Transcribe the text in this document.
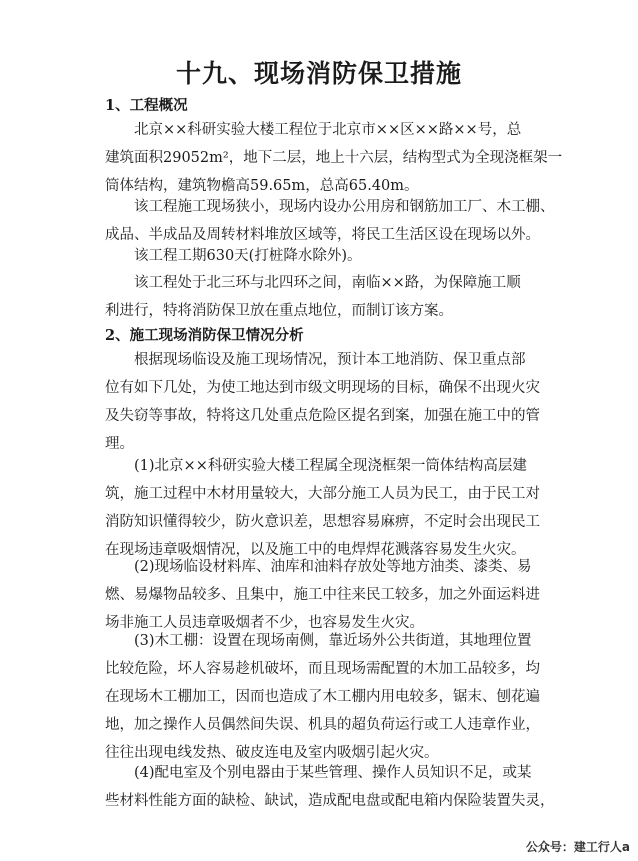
十九、现场消防保卫措施
1、工程概况
　　北京××科研实验大楼工程位于北京市××区××路××号，总
建筑面积29052m²，地下二层，地上十六层，结构型式为全现浇框架一
筒体结构，建筑物檐高59.65m，总高65.40m。
　　该工程施工现场狭小，现场内设办公用房和钢筋加工厂、木工棚、
成品、半成品及周转材料堆放区域等，将民工生活区设在现场以外。
　　该工程工期630天(打桩降水除外)。
　　该工程处于北三环与北四环之间，南临××路，为保障施工顺
利进行，特将消防保卫放在重点地位，而制订该方案。
2、施工现场消防保卫情况分析
　　根据现场临设及施工现场情况，预计本工地消防、保卫重点部
位有如下几处，为使工地达到市级文明现场的目标，确保不出现火灾
及失窃等事故，特将这几处重点危险区提名到案，加强在施工中的管
理。
　　(1)北京××科研实验大楼工程属全现浇框架一筒体结构高层建
筑，施工过程中木材用量较大，大部分施工人员为民工，由于民工对
消防知识懂得较少，防火意识差，思想容易麻痹，不定时会出现民工
在现场违章吸烟情况，以及施工中的电焊焊花溅落容易发生火灾。
　　(2)现场临设材料库、油库和油料存放处等地方油类、漆类、易
燃、易爆物品较多、且集中，施工中往来民工较多，加之外面运料进
场非施工人员违章吸烟者不少，也容易发生火灾。
　　(3)木工棚：设置在现场南侧，靠近场外公共街道，其地理位置
比较危险，坏人容易趁机破坏，而且现场需配置的木加工品较多，均
在现场木工棚加工，因而也造成了木工棚内用电较多，锯末、刨花遍
地，加之操作人员偶然间失误、机具的超负荷运行或工人违章作业，
往往出现电线发热、破皮连电及室内吸烟引起火灾。
　　(4)配电室及个别电器由于某些管理、操作人员知识不足，或某
些材料性能方面的缺检、缺试，造成配电盘或配电箱内保险装置失灵，
公众号：建工行人a
